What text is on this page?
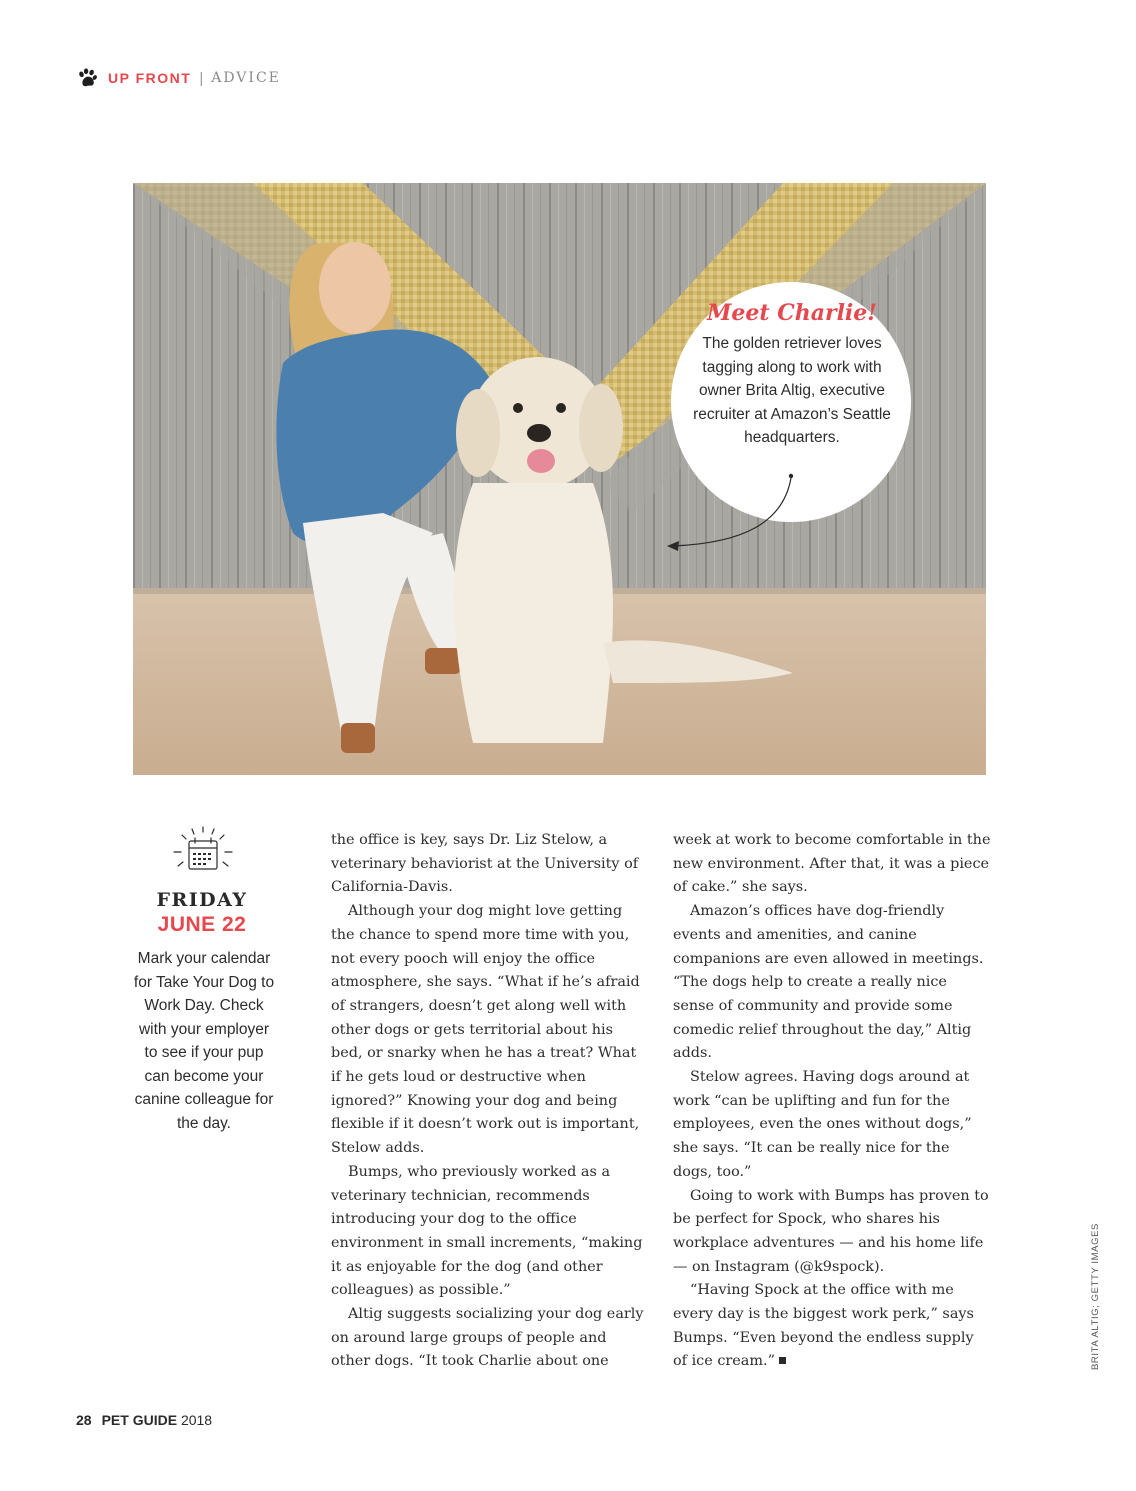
UP FRONT | ADVICE
Meet Charlie!
The golden retriever loves tagging along to work with owner Brita Altig, executive recruiter at Amazon’s Seattle headquarters.
FRIDAY
JUNE 22
Mark your calendar for Take Your Dog to Work Day. Check with your employer to see if your pup can become your canine colleague for the day.

the office is key, says Dr. Liz Stelow, a veterinary behaviorist at the University of California-Davis.

Although your dog might love getting the chance to spend more time with you, not every pooch will enjoy the office atmosphere, she says. “What if he’s afraid of strangers, doesn’t get along well with other dogs or gets territorial about his bed, or snarky when he has a treat? What if he gets loud or destructive when ignored?” Knowing your dog and being flexible if it doesn’t work out is important, Stelow adds.

Bumps, who previously worked as a veterinary technician, recommends introducing your dog to the office environment in small increments, “making it as enjoyable for the dog (and other colleagues) as possible.”

Altig suggests socializing your dog early on around large groups of people and other dogs. “It took Charlie about one

week at work to become comfortable in the new environment. After that, it was a piece of cake.” she says.

Amazon’s offices have dog-friendly events and amenities, and canine companions are even allowed in meetings. “The dogs help to create a really nice sense of community and provide some comedic relief throughout the day,” Altig adds.

Stelow agrees. Having dogs around at work “can be uplifting and fun for the employees, even the ones without dogs,” she says. “It can be really nice for the dogs, too.”

Going to work with Bumps has proven to be perfect for Spock, who shares his workplace adventures — and his home life — on Instagram (@k9spock).

“Having Spock at the office with me every day is the biggest work perk,” says Bumps. “Even beyond the endless supply of ice cream.”	BRITA ALTIG; GETTY IMAGES
28 PET GUIDE 2018
